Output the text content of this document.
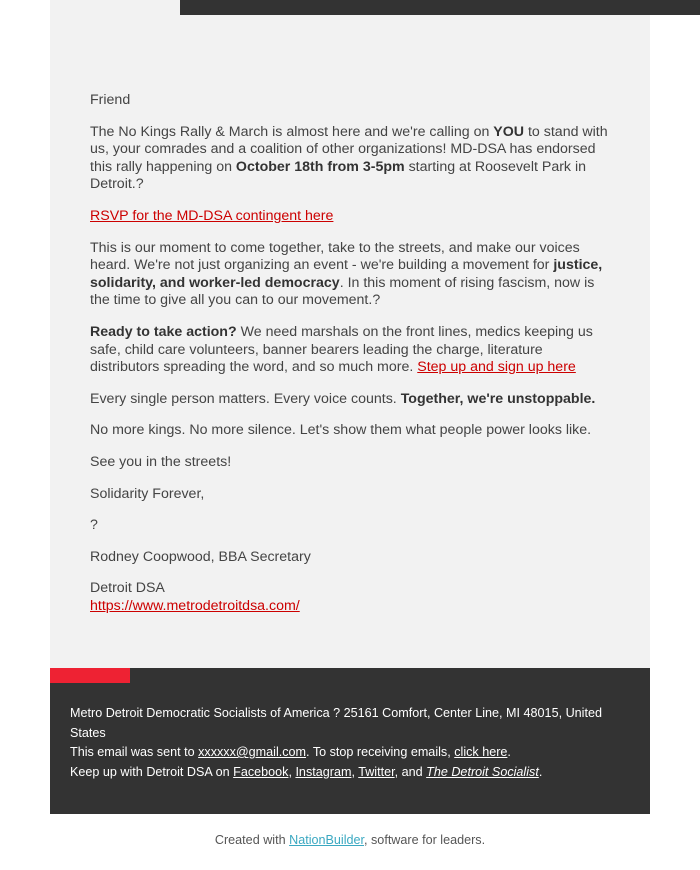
Friend

The No Kings Rally & March is almost here and we're calling on YOU to stand with us, your comrades and a coalition of other organizations! MD-DSA has endorsed this rally happening on October 18th from 3-5pm starting at Roosevelt Park in Detroit.?

RSVP for the MD-DSA contingent here

This is our moment to come together, take to the streets, and make our voices heard. We're not just organizing an event - we're building a movement for justice, solidarity, and worker-led democracy. In this moment of rising fascism, now is the time to give all you can to our movement.?

Ready to take action? We need marshals on the front lines, medics keeping us safe, child care volunteers, banner bearers leading the charge, literature distributors spreading the word, and so much more. Step up and sign up here

Every single person matters. Every voice counts. Together, we're unstoppable.

No more kings. No more silence. Let's show them what people power looks like.

See you in the streets!

Solidarity Forever,

?

Rodney Coopwood, BBA Secretary

Detroit DSA
https://www.metrodetroitdsa.com/

Metro Detroit Democratic Socialists of America ? 25161 Comfort, Center Line, MI 48015, United States
This email was sent to xxxxxx@gmail.com. To stop receiving emails, click here.
Keep up with Detroit DSA on Facebook, Instagram, Twitter, and The Detroit Socialist.
Created with NationBuilder, software for leaders.
